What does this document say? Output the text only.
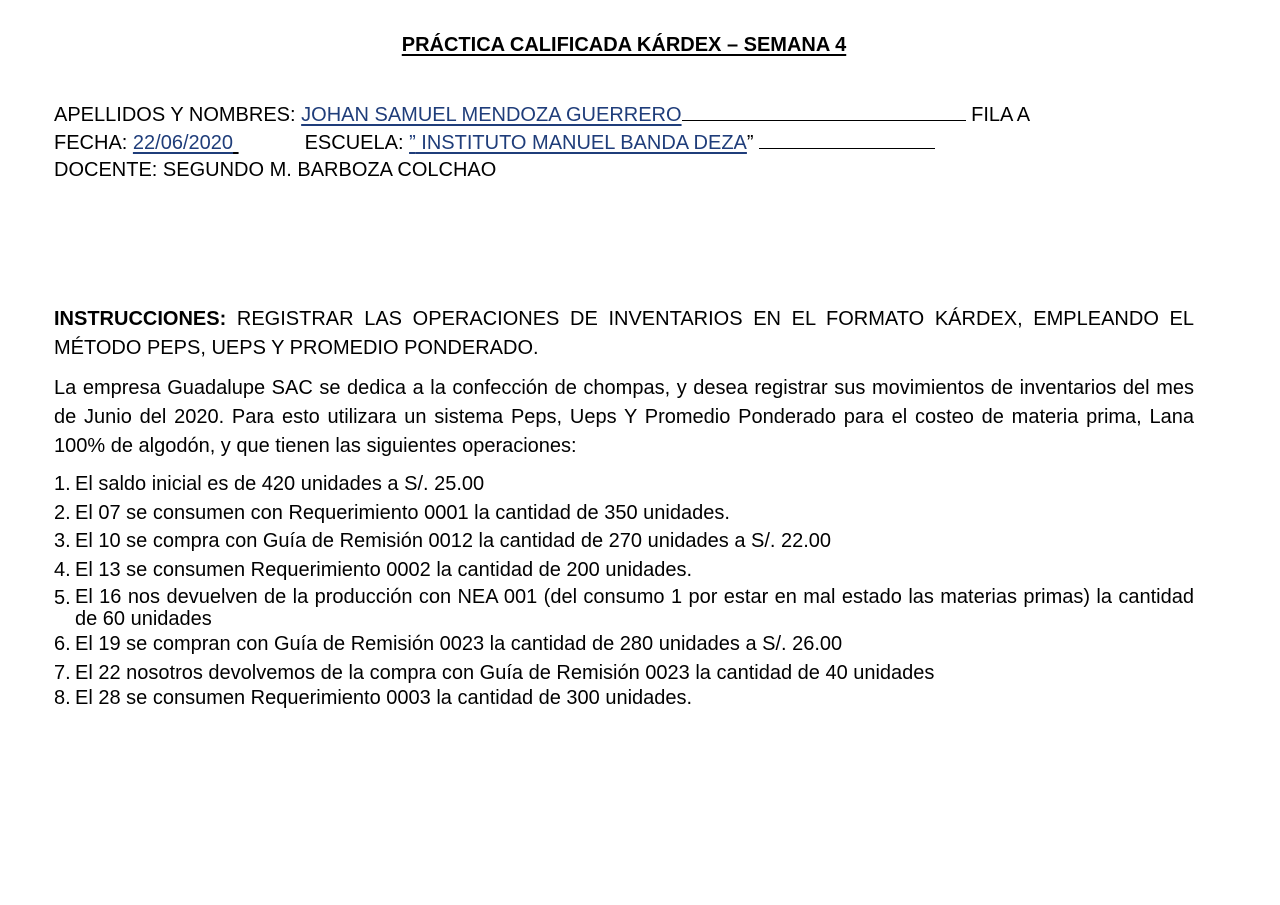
PRÁCTICA CALIFICADA KÁRDEX – SEMANA 4
APELLIDOS Y NOMBRES: JOHAN SAMUEL MENDOZA GUERRERO	FILA A
FECHA: 22/06/2020	ESCUELA: ” INSTITUTO MANUEL BANDA DEZA”
DOCENTE: SEGUNDO M. BARBOZA COLCHAO
INSTRUCCIONES: REGISTRAR LAS OPERACIONES DE INVENTARIOS EN EL FORMATO KÁRDEX, EMPLEANDO EL MÉTODO PEPS, UEPS Y PROMEDIO PONDERADO.
La empresa Guadalupe SAC se dedica a la confección de chompas, y desea registrar sus movimientos de inventarios del mes de Junio del 2020. Para esto utilizara un sistema Peps, Ueps Y Promedio Ponderado para el costeo de materia prima, Lana 100% de algodón, y que tienen las siguientes operaciones:
1. El saldo inicial es de 420 unidades a S/. 25.00
2. El 07 se consumen con Requerimiento 0001 la cantidad de 350 unidades.
3. El 10 se compra con Guía de Remisión 0012 la cantidad de 270 unidades a S/. 22.00
4. El 13 se consumen Requerimiento 0002 la cantidad de 200 unidades.
5. El 16 nos devuelven de la producción con NEA 001 (del consumo 1 por estar en mal estado las materias primas) la cantidad de 60 unidades
6. El 19 se compran con Guía de Remisión 0023 la cantidad de 280 unidades a S/. 26.00
7. El 22 nosotros devolvemos de la compra con Guía de Remisión 0023 la cantidad de 40 unidades
8. El 28 se consumen Requerimiento 0003 la cantidad de 300 unidades.
